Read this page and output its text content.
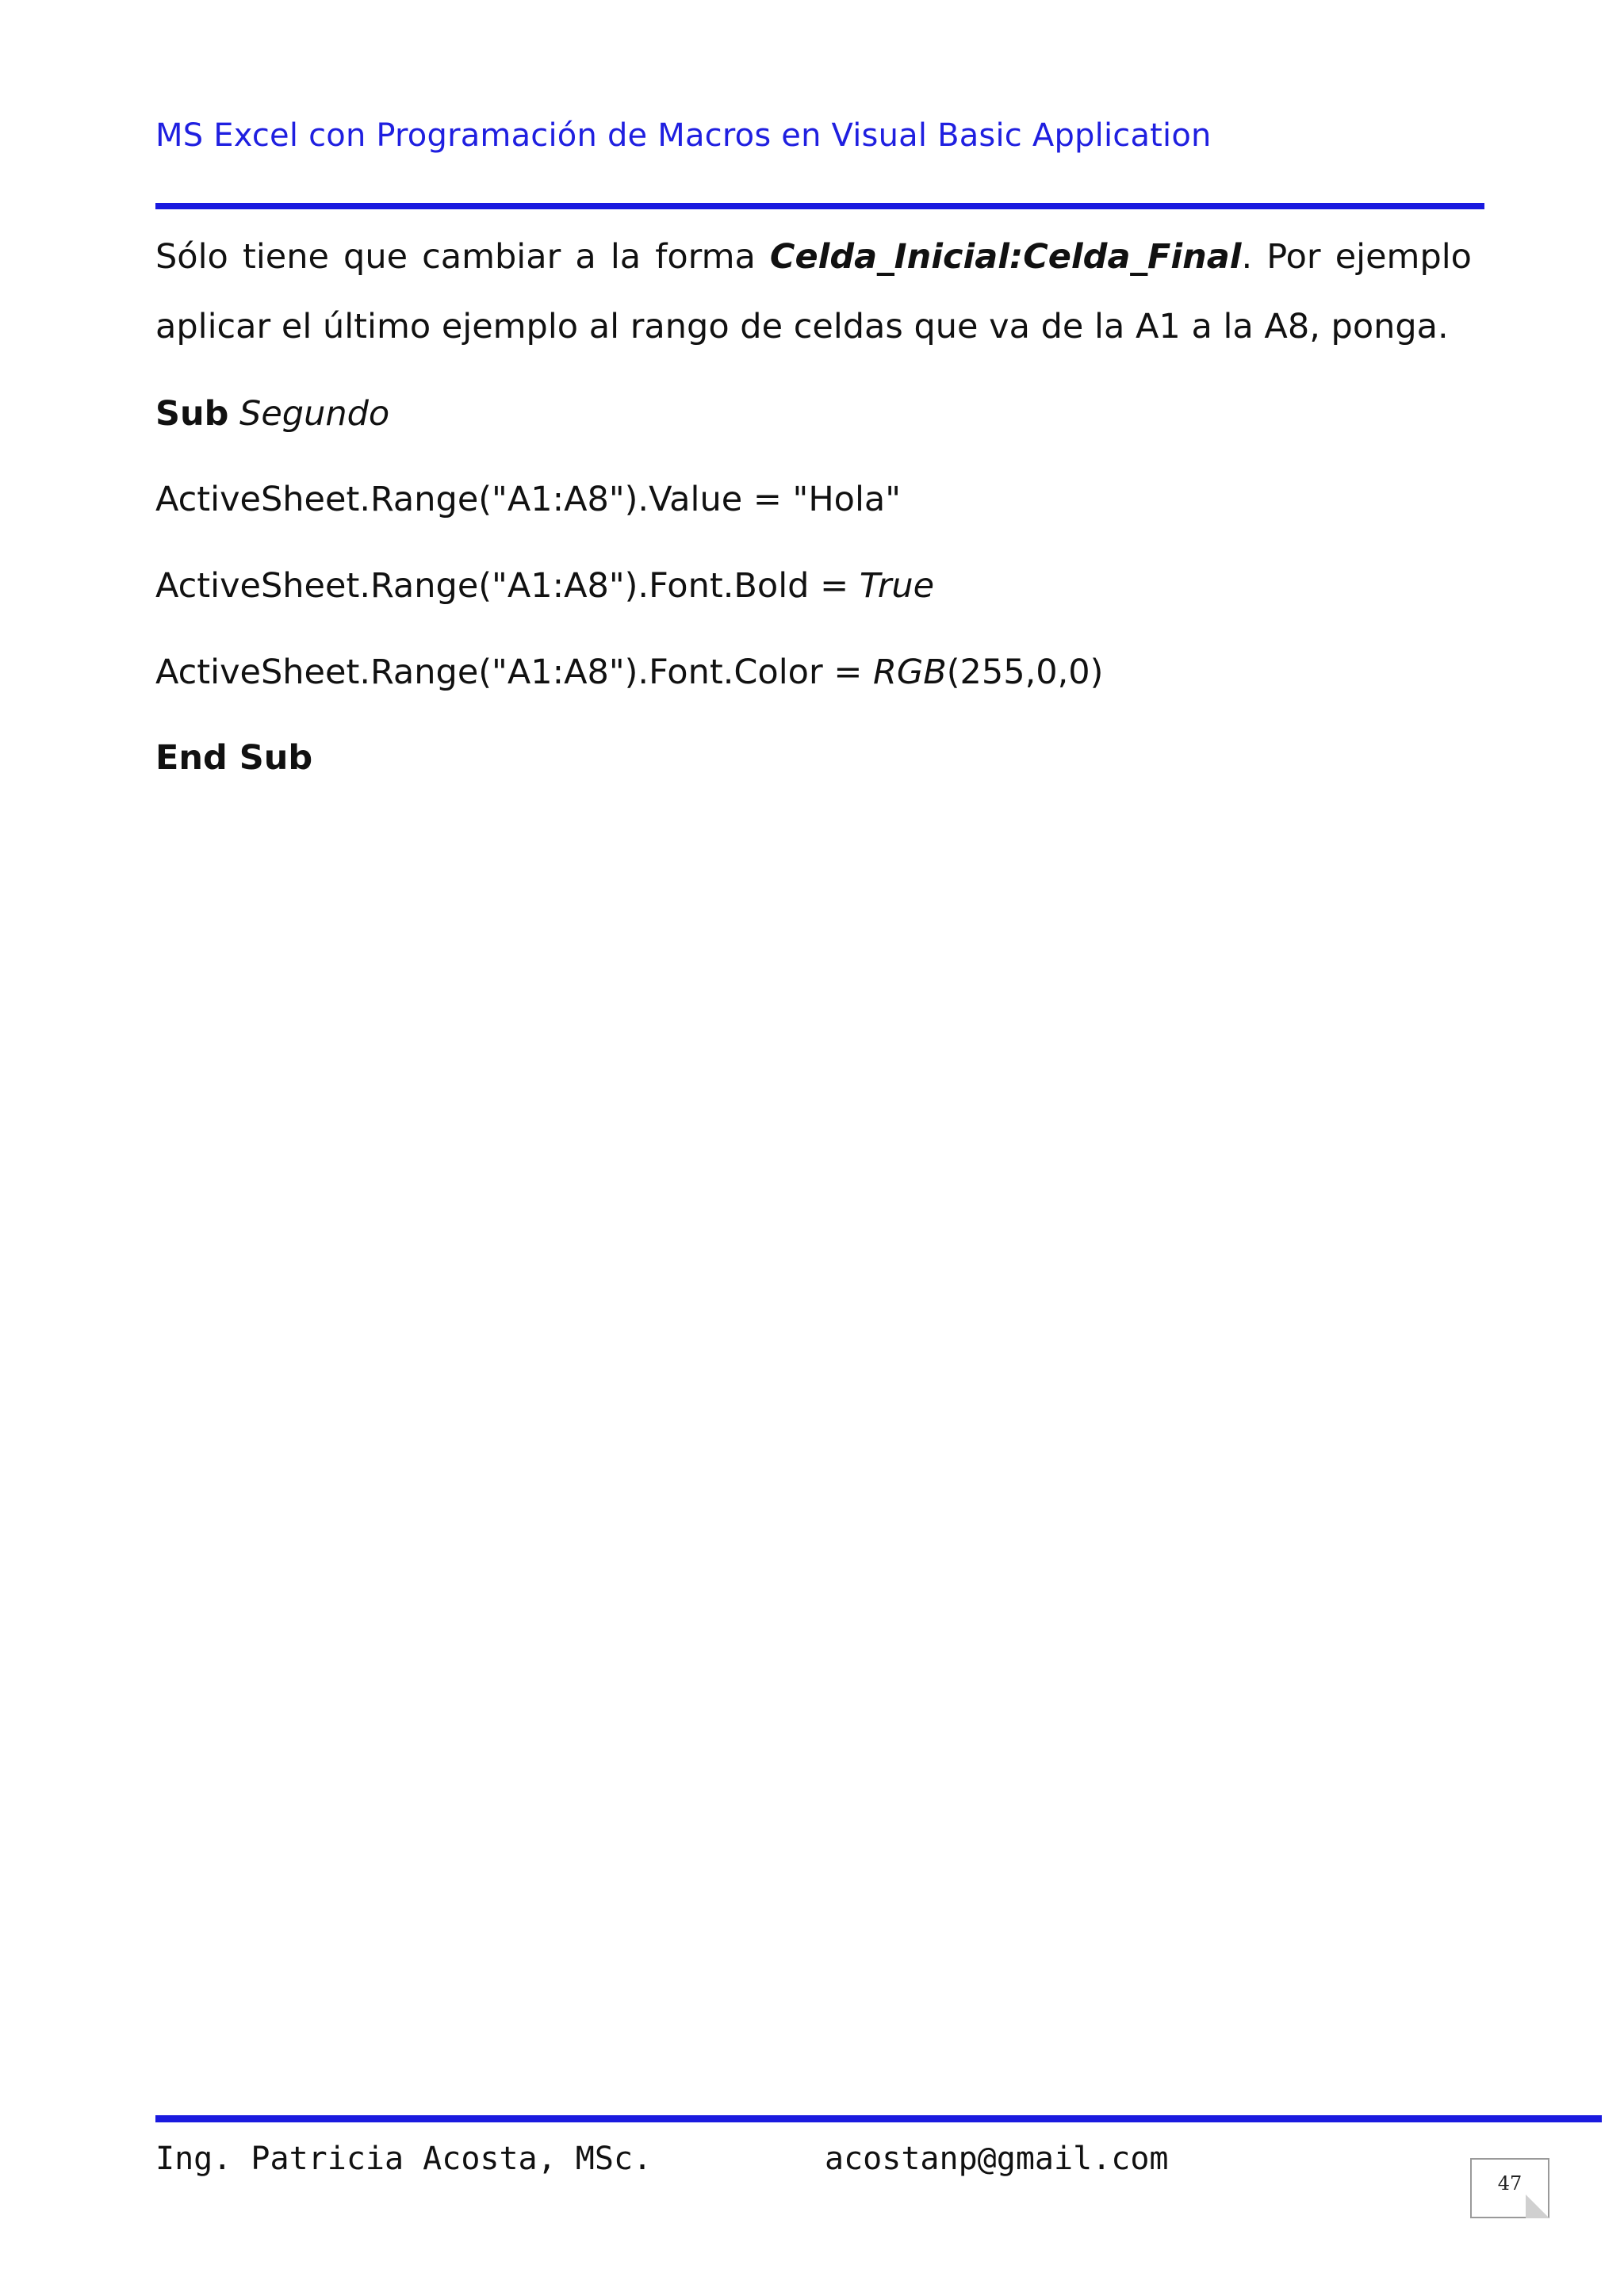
MS Excel con Programación de Macros en Visual Basic Application
Sólo tiene que cambiar a la forma Celda_Inicial:Celda_Final. Por ejemplo aplicar el último ejemplo al rango de celdas que va de la A1 a la A8, ponga.
Sub Segundo
ActiveSheet.Range("A1:A8").Value = "Hola"
ActiveSheet.Range("A1:A8").Font.Bold = True
ActiveSheet.Range("A1:A8").Font.Color = RGB(255,0,0)
End Sub
Ing. Patricia Acosta, MSc.	acostanp@gmail.com
47
